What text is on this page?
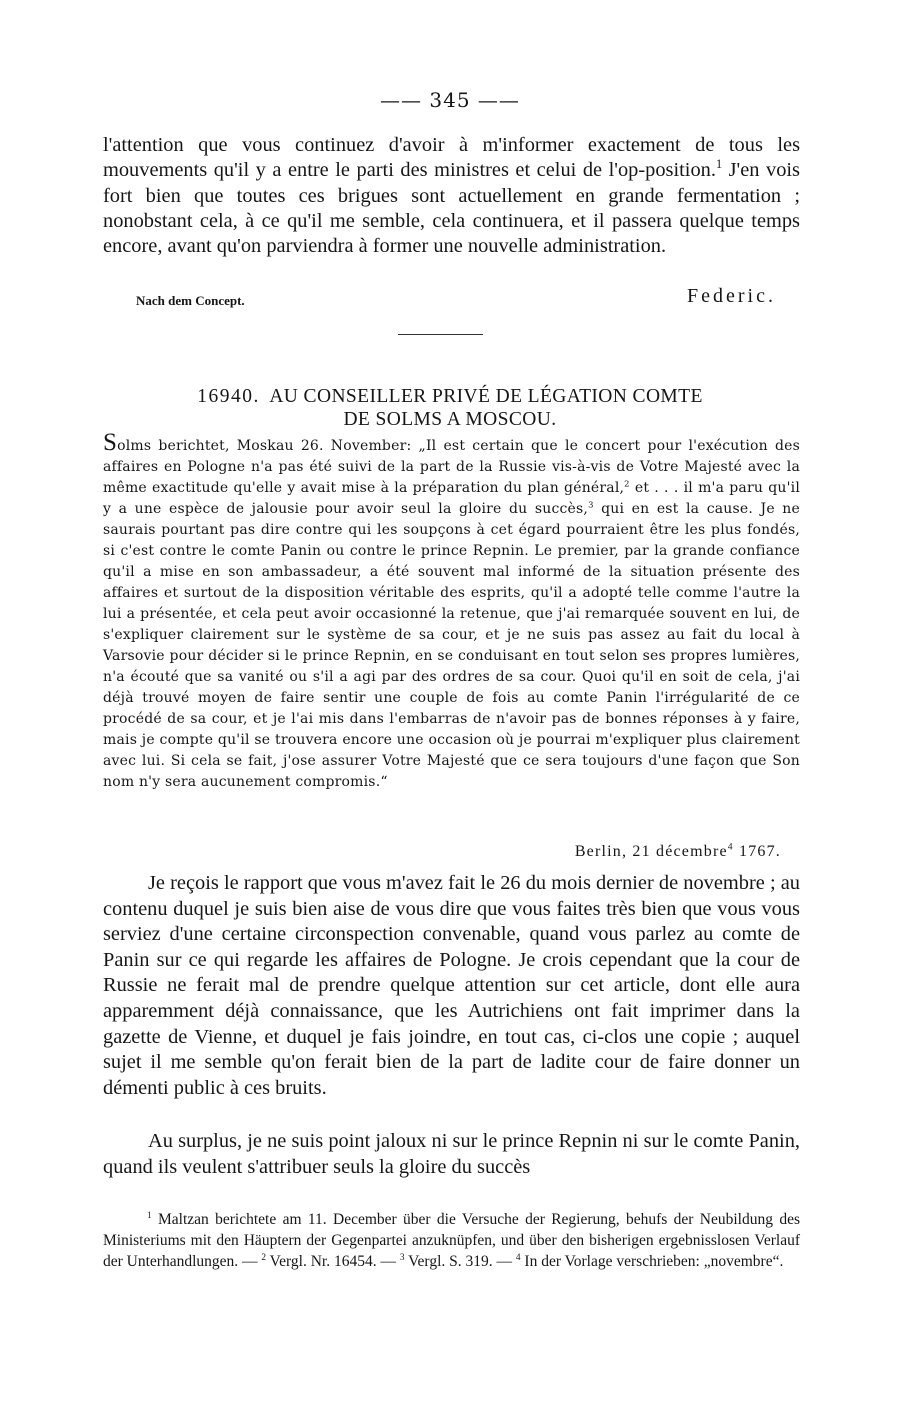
—— 345 ——

l'attention que vous continuez d'avoir à m'informer exactement de tous les mouvements qu'il y a entre le parti des ministres et celui de l'op-position.$^1$ J'en vois fort bien que toutes ces brigues sont actuellement en grande fermentation ; nonobstant cela, à ce qu'il me semble, cela continuera, et il passera quelque temps encore, avant qu'on parviendra à former une nouvelle administration.

Nach dem Concept.	Federic.
16940. AU CONSEILLER PRIVÉ DE LÉGATION COMTE
DE SOLMS A MOSCOU.

Solms berichtet, Moskau 26. November: „Il est certain que le concert pour l'exécution des affaires en Pologne n'a pas été suivi de la part de la Russie vis-à-vis de Votre Majesté avec la même exactitude qu'elle y avait mise à la préparation du plan général,$^2$ et . . . il m'a paru qu'il y a une espèce de jalousie pour avoir seul la gloire du succès,$^3$ qui en est la cause. Je ne saurais pourtant pas dire contre qui les soupçons à cet égard pourraient être les plus fondés, si c'est contre le comte Panin ou contre le prince Repnin. Le premier, par la grande confiance qu'il a mise en son ambassadeur, a été souvent mal informé de la situation présente des affaires et surtout de la disposition véritable des esprits, qu'il a adopté telle comme l'autre la lui a présentée, et cela peut avoir occasionné la retenue, que j'ai remarquée souvent en lui, de s'expliquer clairement sur le système de sa cour, et je ne suis pas assez au fait du local à Varsovie pour décider si le prince Repnin, en se conduisant en tout selon ses propres lumières, n'a écouté que sa vanité ou s'il a agi par des ordres de sa cour. Quoi qu'il en soit de cela, j'ai déjà trouvé moyen de faire sentir une couple de fois au comte Panin l'irrégularité de ce procédé de sa cour, et je l'ai mis dans l'embarras de n'avoir pas de bonnes réponses à y faire, mais je compte qu'il se trouvera encore une occasion où je pourrai m'expliquer plus clairement avec lui. Si cela se fait, j'ose assurer Votre Majesté que ce sera toujours d'une façon que Son nom n'y sera aucunement compromis.“

Berlin, 21 décembre$^4$ 1767.

Je reçois le rapport que vous m'avez fait le 26 du mois dernier de novembre ; au contenu duquel je suis bien aise de vous dire que vous faites très bien que vous vous serviez d'une certaine circonspection convenable, quand vous parlez au comte de Panin sur ce qui regarde les affaires de Pologne. Je crois cependant que la cour de Russie ne ferait mal de prendre quelque attention sur cet article, dont elle aura apparemment déjà connaissance, que les Autrichiens ont fait imprimer dans la gazette de Vienne, et duquel je fais joindre, en tout cas, ci-clos une copie ; auquel sujet il me semble qu'on ferait bien de la part de ladite cour de faire donner un démenti public à ces bruits.

Au surplus, je ne suis point jaloux ni sur le prince Repnin ni sur le comte Panin, quand ils veulent s'attribuer seuls la gloire du succès

$^1$ Maltzan berichtete am 11. December über die Versuche der Regierung, behufs der Neubildung des Ministeriums mit den Häuptern der Gegenpartei anzuknüpfen, und über den bisherigen ergebnisslosen Verlauf der Unterhandlungen. — $^2$ Vergl. Nr. 16454. — $^3$ Vergl. S. 319. — $^4$ In der Vorlage verschrieben: „novembre“.
